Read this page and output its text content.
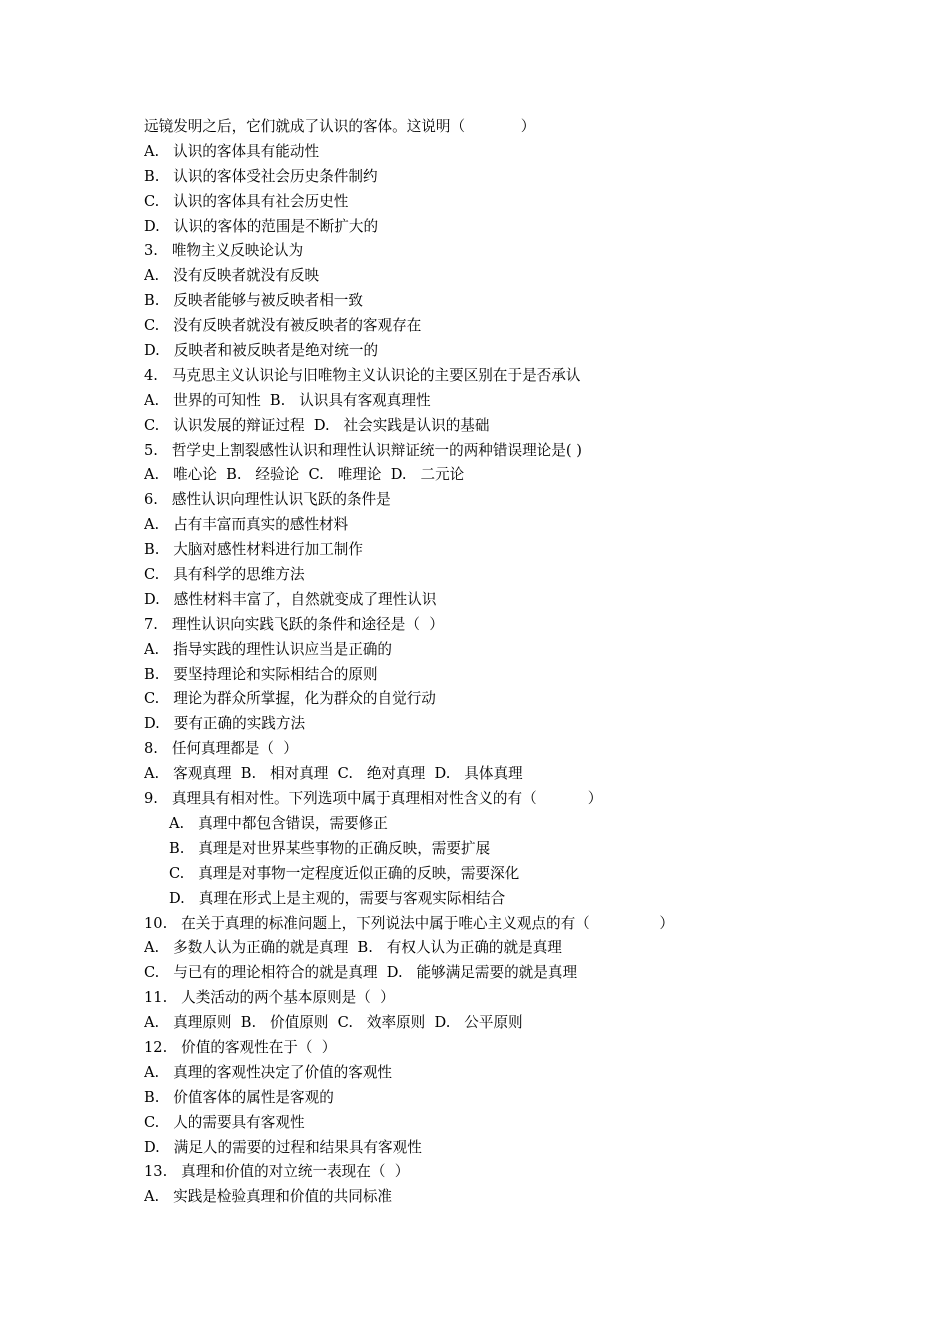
远镜发明之后，它们就成了认识的客体。这说明（            ）
A.   认识的客体具有能动性
B.   认识的客体受社会历史条件制约
C.   认识的客体具有社会历史性
D.   认识的客体的范围是不断扩大的
3.   唯物主义反映论认为
A.   没有反映者就没有反映
B.   反映者能够与被反映者相一致
C.   没有反映者就没有被反映者的客观存在
D.   反映者和被反映者是绝对统一的
4.   马克思主义认识论与旧唯物主义认识论的主要区别在于是否承认
A.   世界的可知性  B.   认识具有客观真理性
C.   认识发展的辩证过程  D.   社会实践是认识的基础
5.   哲学史上割裂感性认识和理性认识辩证统一的两种错误理论是( )
A.   唯心论  B.   经验论  C.   唯理论  D.   二元论
6.   感性认识向理性认识飞跃的条件是
A.   占有丰富而真实的感性材料
B.   大脑对感性材料进行加工制作
C.   具有科学的思维方法
D.   感性材料丰富了，自然就变成了理性认识
7.   理性认识向实践飞跃的条件和途径是（  ）
A.   指导实践的理性认识应当是正确的
B.   要坚持理论和实际相结合的原则
C.   理论为群众所掌握，化为群众的自觉行动
D.   要有正确的实践方法
8.   任何真理都是（  ）
A.   客观真理  B.   相对真理  C.   绝对真理  D.   具体真理
9.   真理具有相对性。下列选项中属于真理相对性含义的有（           ）
A.   真理中都包含错误，需要修正
B.   真理是对世界某些事物的正确反映，需要扩展
C.   真理是对事物一定程度近似正确的反映，需要深化
D.   真理在形式上是主观的，需要与客观实际相结合
10.   在关于真理的标准问题上，下列说法中属于唯心主义观点的有（               ）
A.   多数人认为正确的就是真理  B.   有权人认为正确的就是真理
C.   与已有的理论相符合的就是真理  D.   能够满足需要的就是真理
11.   人类活动的两个基本原则是（  ）
A.   真理原则  B.   价值原则  C.   效率原则  D.   公平原则
12.   价值的客观性在于（  ）
A.   真理的客观性决定了价值的客观性
B.   价值客体的属性是客观的
C.   人的需要具有客观性
D.   满足人的需要的过程和结果具有客观性
13.   真理和价值的对立统一表现在（  ）
A.   实践是检验真理和价值的共同标准
